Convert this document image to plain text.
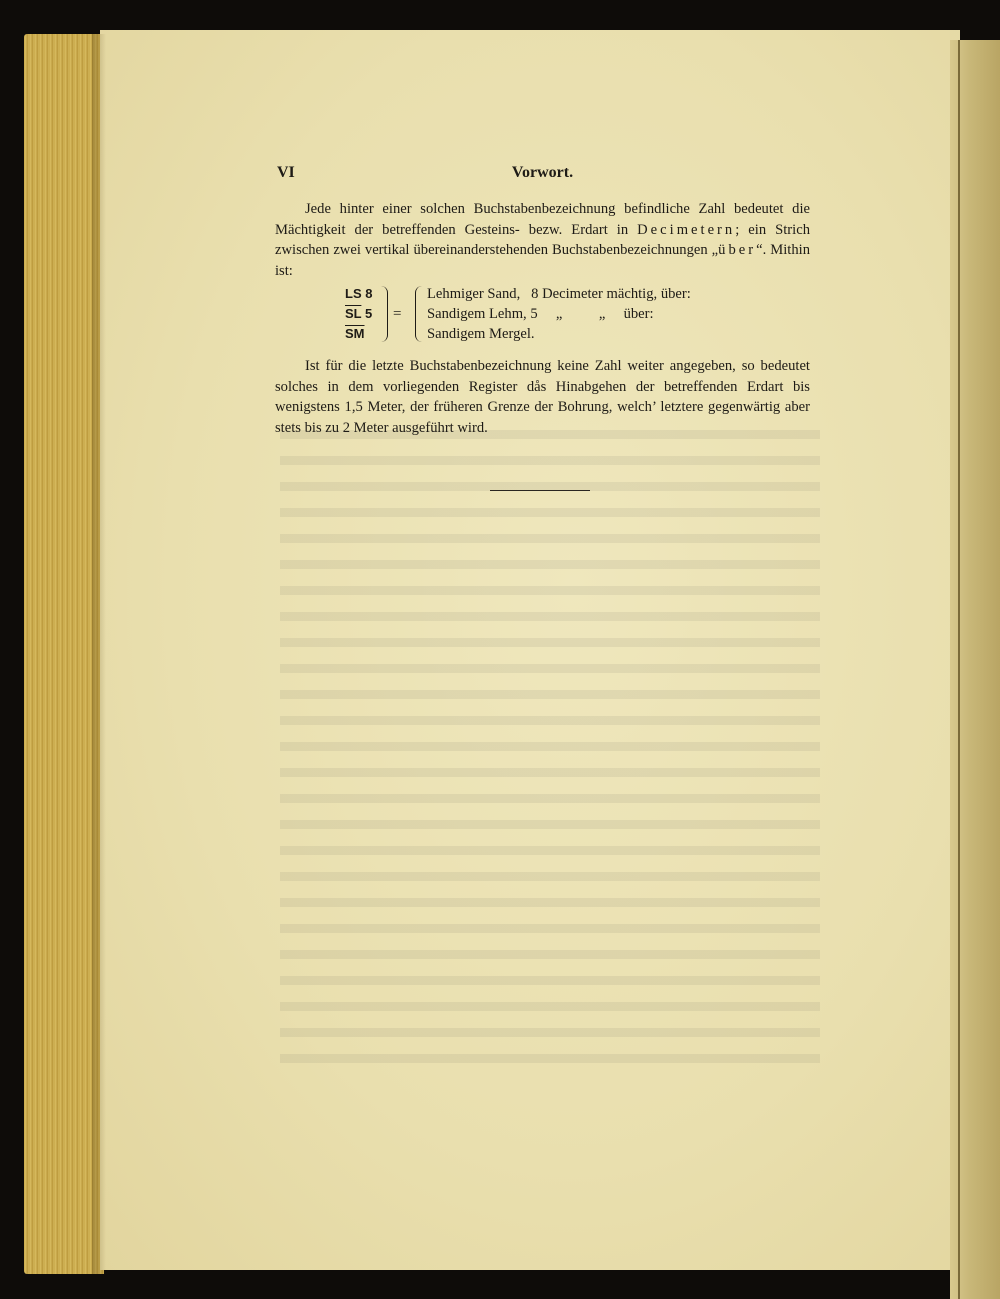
VI	Vorwort.

Jede hinter einer solchen Buchstabenbezeichnung befindliche Zahl bedeutet die Mächtigkeit der betreffenden Gesteins- bezw. Erdart in Decimetern; ein Strich zwischen zwei vertikal übereinanderstehenden Buchstabenbezeichnungen „über“. Mithin ist:

LS 8
$\overline{SL}$ 5
$\overline{SM}$
=
Lehmiger Sand,   8 Decimeter mächtig, über:
Sandigem Lehm, 5     „          „     über:
Sandigem Mergel.

Ist für die letzte Buchstabenbezeichnung keine Zahl weiter angegeben, so bedeutet solches in dem vorliegenden Register dås Hinabgehen der betreffenden Erdart bis wenigstens 1,5 Meter, der früheren Grenze der Bohrung, welch’ letztere gegenwärtig aber stets bis zu 2 Meter ausgeführt wird.
